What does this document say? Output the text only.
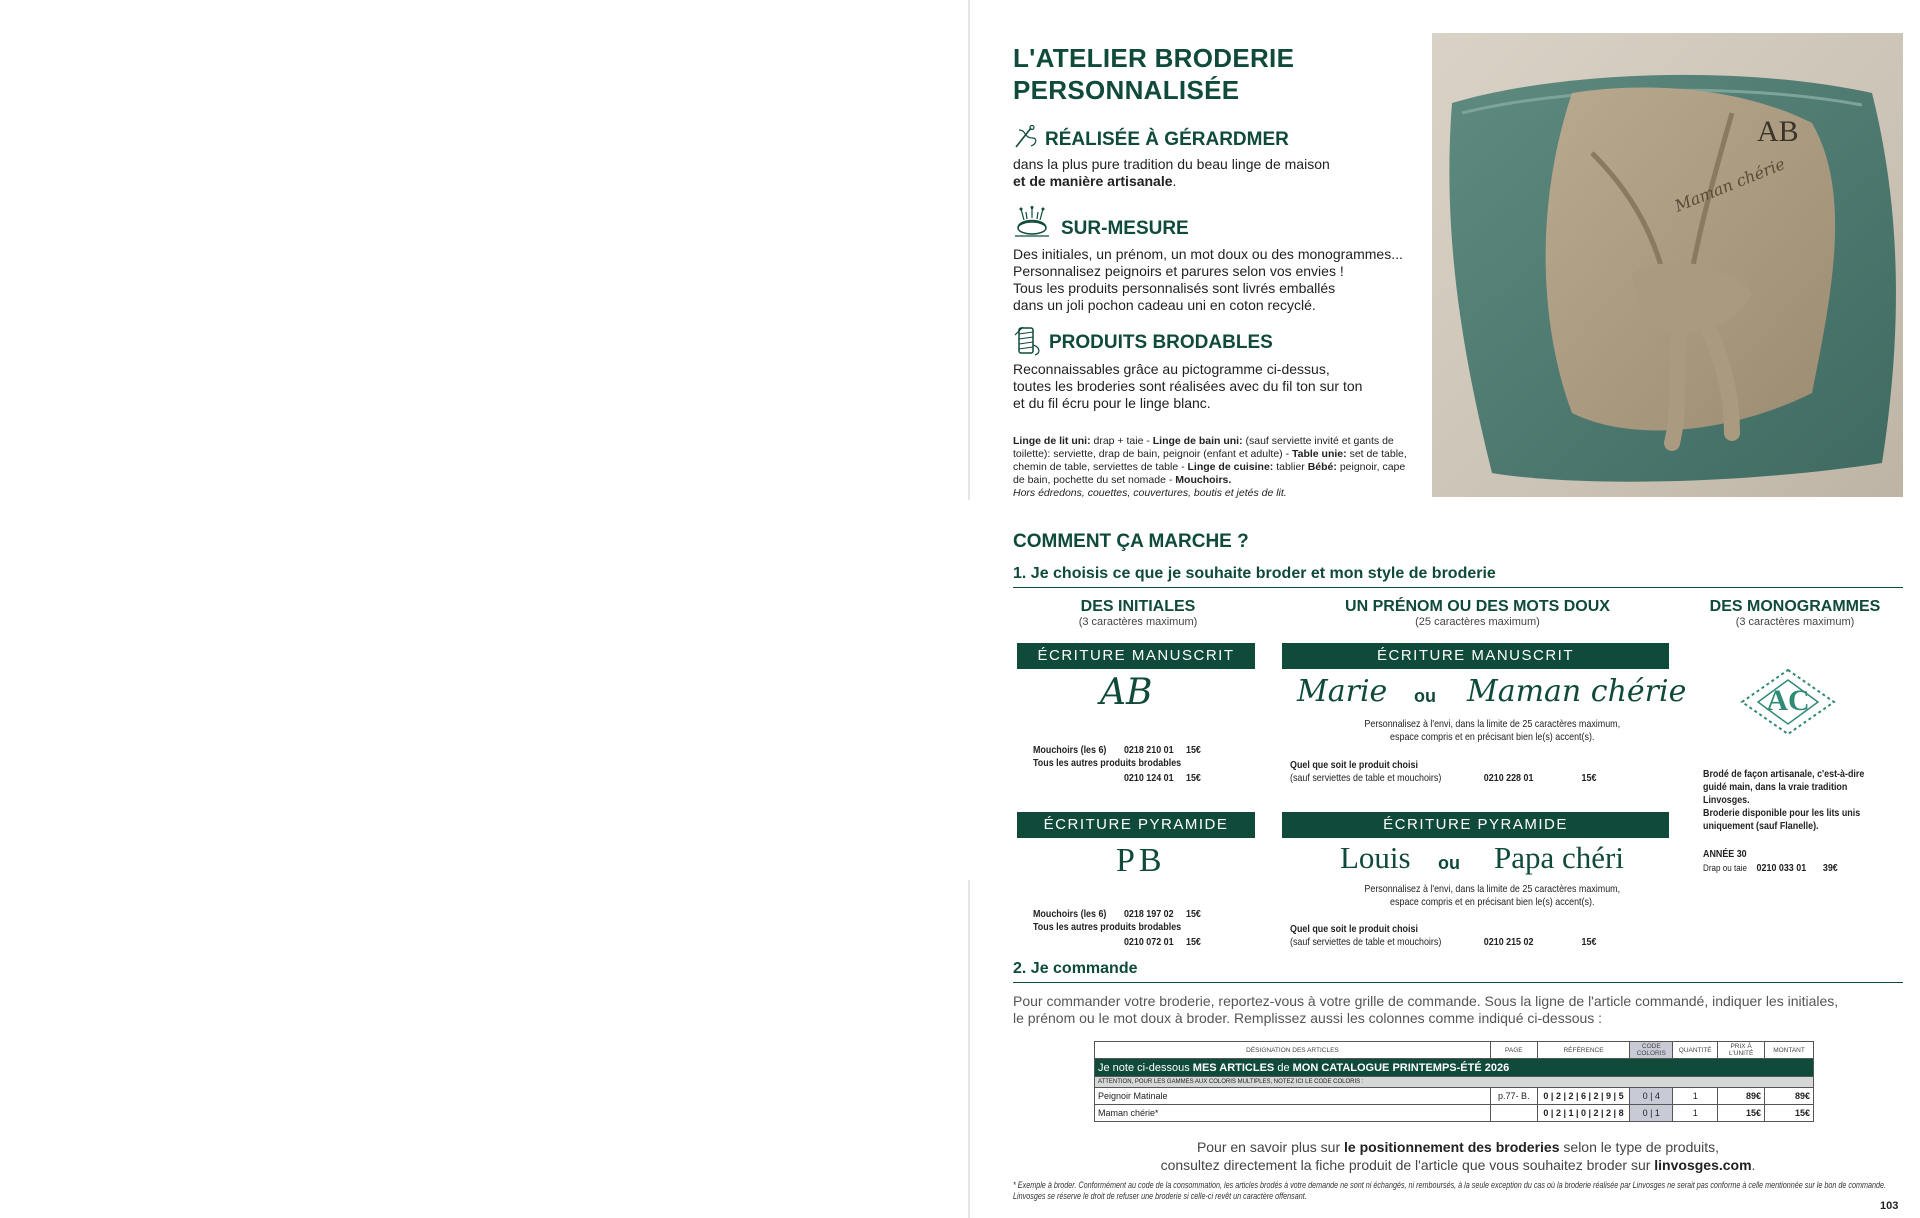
L'ATELIER BRODERIE
PERSONNALISÉE
RÉALISÉE À GÉRARDMER
dans la plus pure tradition du beau linge de maison
et de manière artisanale.
SUR-MESURE
Des initiales, un prénom, un mot doux ou des monogrammes...
Personnalisez peignoirs et parures selon vos envies !
Tous les produits personnalisés sont livrés emballés
dans un joli pochon cadeau uni en coton recyclé.
PRODUITS BRODABLES
Reconnaissables grâce au pictogramme ci-dessus,
toutes les broderies sont réalisées avec du fil ton sur ton
et du fil écru pour le linge blanc.
Linge de lit uni: drap + taie - Linge de bain uni: (sauf serviette invité et gants de toilette): serviette, drap de bain, peignoir (enfant et adulte) - Table unie: set de table, chemin de table, serviettes de table - Linge de cuisine: tablier Bébé: peignoir, cape de bain, pochette du set nomade - Mouchoirs.
Hors édredons, couettes, couvertures, boutis et jetés de lit.
AB
Maman chérie
COMMENT ÇA MARCHE ?
1. Je choisis ce que je souhaite broder et mon style de broderie
DES INITIALES
(3 caractères maximum)
UN PRÉNOM OU DES MOTS DOUX
(25 caractères maximum)
DES MONOGRAMMES
(3 caractères maximum)
ÉCRITURE MANUSCRIT	ÉCRITURE MANUSCRIT
AB	Marie ou Maman chérie
Personnalisez à l'envi, dans la limite de 25 caractères maximum,
espace compris et en précisant bien le(s) accent(s).
Mouchoirs (les 6) 0218 210 01 15€
Tous les autres produits brodables
0210 124 01 15€
Quel que soit le produit choisi
(sauf serviettes de table et mouchoirs)	0210 228 01	15€
ÉCRITURE PYRAMIDE	ÉCRITURE PYRAMIDE
PB	Louis ou Papa chéri
Personnalisez à l'envi, dans la limite de 25 caractères maximum,
espace compris et en précisant bien le(s) accent(s).
Mouchoirs (les 6) 0218 197 02 15€
Tous les autres produits brodables
0210 072 01 15€
Quel que soit le produit choisi
(sauf serviettes de table et mouchoirs)	0210 215 02	15€
AC
Brodé de façon artisanale, c'est-à-dire
guidé main, dans la vraie tradition
Linvosges.
Broderie disponible pour les lits unis
uniquement (sauf Flanelle).
ANNÉE 30
Drap ou taie 0210 033 01 39€
2. Je commande
Pour commander votre broderie, reportez-vous à votre grille de commande. Sous la ligne de l'article commandé, indiquer les initiales,
le prénom ou le mot doux à broder. Remplissez aussi les colonnes comme indiqué ci-dessous :
DÉSIGNATION DES ARTICLES	PAGE	RÉFÉRENCE	CODE COLORIS	QUANTITÉ	PRIX À L'UNITÉ	MONTANT
Je note ci-dessous MES ARTICLES de MON CATALOGUE PRINTEMPS-ÉTÉ 2026						
ATTENTION, POUR LES GAMMES AUX COLORIS MULTIPLES, NOTEZ ICI LE CODE COLORIS :						
Peignoir Matinale	p.77- B.	0 | 2 | 2 | 6 | 2 | 9 | 5	0 | 4	1	89€	89€
Maman chérie*		0 | 2 | 1 | 0 | 2 | 2 | 8	0 | 1	1	15€	15€
Pour en savoir plus sur le positionnement des broderies selon le type de produits,
consultez directement la fiche produit de l'article que vous souhaitez broder sur linvosges.com.
* Exemple à broder. Conformément au code de la consommation, les articles brodés à votre demande ne sont ni échangés, ni remboursés, à la seule exception du cas où la broderie réalisée par Linvosges ne serait pas conforme à celle mentionnée sur le bon de commande.
Linvosges se réserve le droit de refuser une broderie si celle-ci revêt un caractère offensant.
103
